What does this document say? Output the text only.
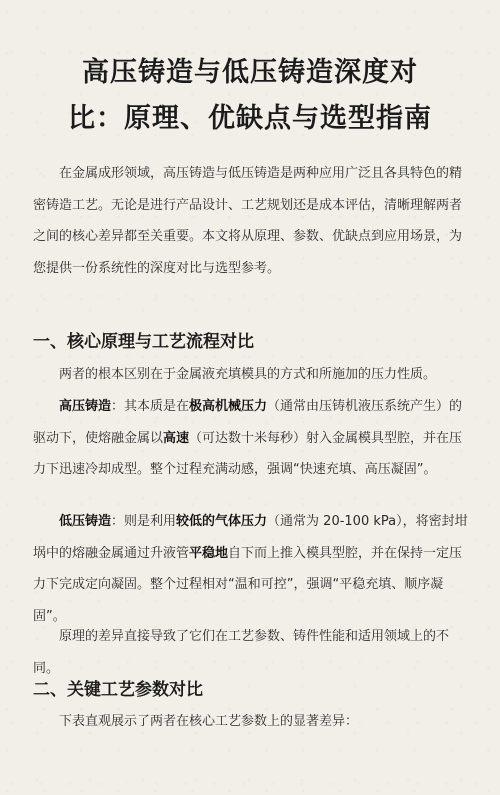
高压铸造与低压铸造深度对
比：原理、优缺点与选型指南

在金属成形领域，高压铸造与低压铸造是两种应用广泛且各具特色的精密铸造工艺。无论是进行产品设计、工艺规划还是成本评估，清晰理解两者之间的核心差异都至关重要。本文将从原理、参数、优缺点到应用场景，为您提供一份系统性的深度对比与选型参考。

一、核心原理与工艺流程对比

两者的根本区别在于金属液充填模具的方式和所施加的压力性质。

高压铸造：其本质是在极高机械压力（通常由压铸机液压系统产生）的驱动下，使熔融金属以高速（可达数十米每秒）射入金属模具型腔，并在压力下迅速冷却成型。整个过程充满动感，强调“快速充填、高压凝固”。

低压铸造：则是利用较低的气体压力（通常为 20-100 kPa），将密封坩埚中的熔融金属通过升液管平稳地自下而上推入模具型腔，并在保持一定压力下完成定向凝固。整个过程相对“温和可控”，强调“平稳充填、顺序凝固”。

原理的差异直接导致了它们在工艺参数、铸件性能和适用领域上的不同。

二、关键工艺参数对比

下表直观展示了两者在核心工艺参数上的显著差异：
